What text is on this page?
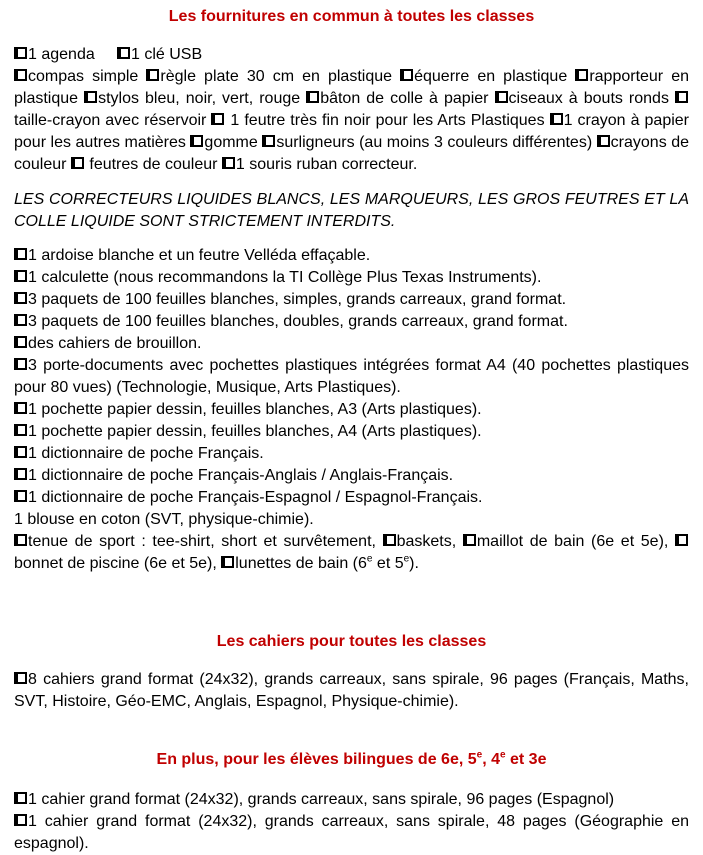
Les fournitures en commun à toutes les classes

1 agenda     1 clé USB

compas simple règle plate 30 cm en plastique équerre en plastique rapporteur en plastique stylos bleu, noir, vert, rouge bâton de colle à papier ciseaux à bouts ronds taille-crayon avec réservoir  1 feutre très fin noir pour les Arts Plastiques 1 crayon à papier pour les autres matières gomme surligneurs (au moins 3 couleurs différentes) crayons de couleur  feutres de couleur 1 souris ruban correcteur.

LES CORRECTEURS LIQUIDES BLANCS, LES MARQUEURS, LES GROS FEUTRES ET LA COLLE LIQUIDE SONT STRICTEMENT INTERDITS.

1 ardoise blanche et un feutre Velléda effaçable.

1 calculette (nous recommandons la TI Collège Plus Texas Instruments).

3 paquets de 100 feuilles blanches, simples, grands carreaux, grand format.

3 paquets de 100 feuilles blanches, doubles, grands carreaux, grand format.

des cahiers de brouillon.

3 porte-documents avec pochettes plastiques intégrées format A4 (40 pochettes plastiques pour 80 vues) (Technologie, Musique, Arts Plastiques).

1 pochette papier dessin, feuilles blanches, A3 (Arts plastiques).

1 pochette papier dessin, feuilles blanches, A4 (Arts plastiques).

1 dictionnaire de poche Français.

1 dictionnaire de poche Français-Anglais / Anglais-Français.

1 dictionnaire de poche Français-Espagnol / Espagnol-Français.

1 blouse en coton (SVT, physique-chimie).

tenue de sport : tee-shirt, short et survêtement, baskets, maillot de bain (6e et 5e), bonnet de piscine (6e et 5e), lunettes de bain (6e et 5e).

Les cahiers pour toutes les classes

8 cahiers grand format (24x32), grands carreaux, sans spirale, 96 pages (Français, Maths, SVT, Histoire, Géo-EMC, Anglais, Espagnol, Physique-chimie).

En plus, pour les élèves bilingues de 6e, 5e, 4e et 3e

1 cahier grand format (24x32), grands carreaux, sans spirale, 96 pages (Espagnol)

1 cahier grand format (24x32), grands carreaux, sans spirale, 48 pages (Géographie en espagnol).
